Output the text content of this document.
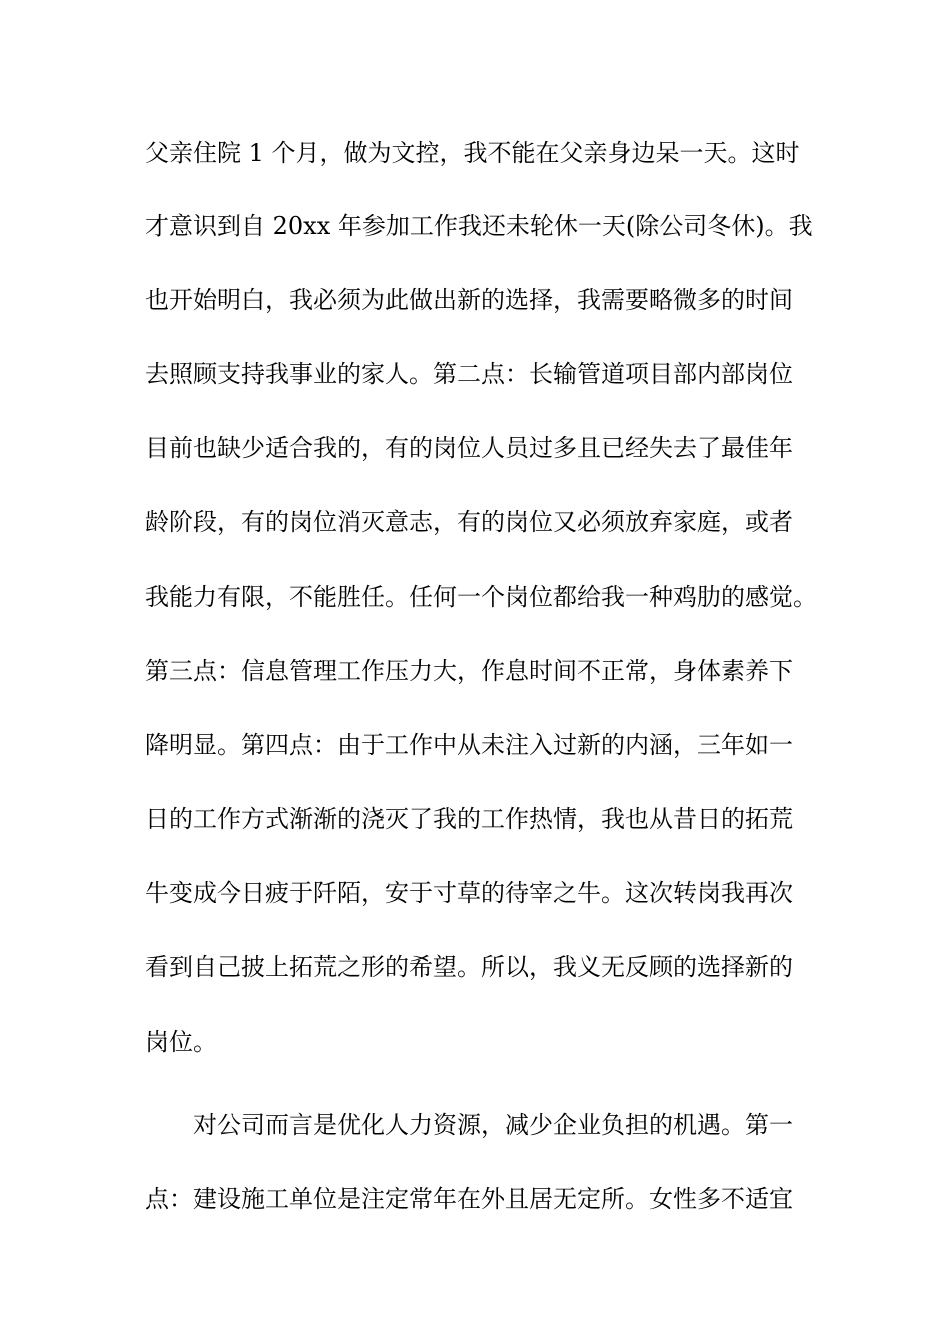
父亲住院 1 个月，做为文控，我不能在父亲身边呆一天。这时
才意识到自 20xx 年参加工作我还未轮休一天(除公司冬休)。我
也开始明白，我必须为此做出新的选择，我需要略微多的时间
去照顾支持我事业的家人。第二点：长输管道项目部内部岗位
目前也缺少适合我的，有的岗位人员过多且已经失去了最佳年
龄阶段，有的岗位消灭意志，有的岗位又必须放弃家庭，或者
我能力有限，不能胜任。任何一个岗位都给我一种鸡肋的感觉。
第三点：信息管理工作压力大，作息时间不正常，身体素养下
降明显。第四点：由于工作中从未注入过新的内涵，三年如一
日的工作方式渐渐的浇灭了我的工作热情，我也从昔日的拓荒
牛变成今日疲于阡陌，安于寸草的待宰之牛。这次转岗我再次
看到自己披上拓荒之形的希望。所以，我义无反顾的选择新的
岗位。
对公司而言是优化人力资源，减少企业负担的机遇。第一
点：建设施工单位是注定常年在外且居无定所。女性多不适宜
